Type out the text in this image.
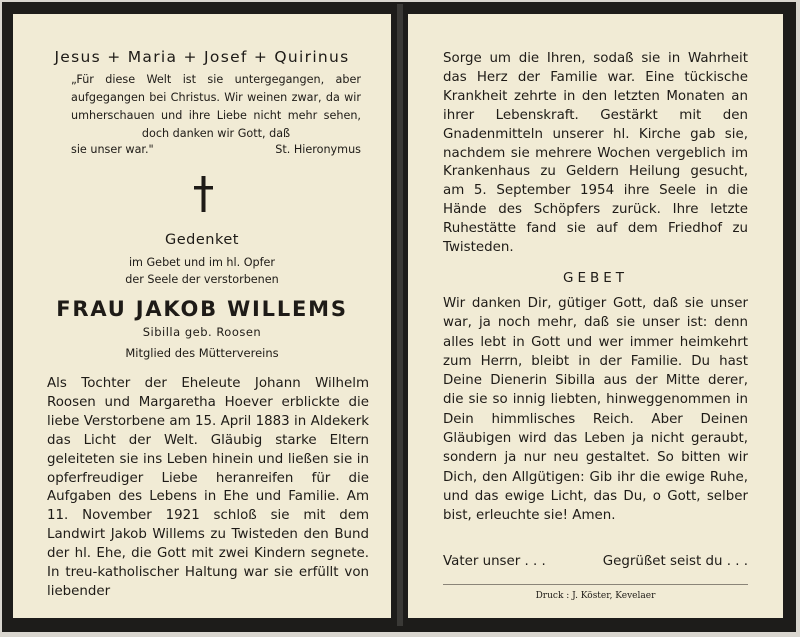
Jesus + Maria + Josef + Quirinus
„Für diese Welt ist sie untergegangen, aber aufgegangen bei Christus. Wir weinen zwar, da wir umherschauen und ihre Liebe nicht mehr sehen, doch danken wir Gott, daß
sie unser war."	St. Hieronymus
Gedenket
im Gebet und im hl. Opfer
der Seele der verstorbenen
FRAU JAKOB WILLEMS
Sibilla geb. Roosen
Mitglied des Müttervereins
Als Tochter der Eheleute Johann Wilhelm Roosen und Margaretha Hoever erblickte die liebe Verstorbene am 15. April 1883 in Aldekerk das Licht der Welt. Gläubig starke Eltern geleiteten sie ins Leben hinein und ließen sie in opferfreudiger Liebe heranreifen für die Aufgaben des Lebens in Ehe und Familie. Am 11. November 1921 schloß sie mit dem Landwirt Jakob Willems zu Twisteden den Bund der hl. Ehe, die Gott mit zwei Kindern segnete. In treu-katholischer Haltung war sie erfüllt von liebender
Sorge um die Ihren, sodaß sie in Wahrheit das Herz der Familie war. Eine tückische Krankheit zehrte in den letzten Monaten an ihrer Lebenskraft. Gestärkt mit den Gnadenmitteln unserer hl. Kirche gab sie, nachdem sie mehrere Wochen vergeblich im Krankenhaus zu Geldern Heilung gesucht, am 5. September 1954 ihre Seele in die Hände des Schöpfers zurück. Ihre letzte Ruhestätte fand sie auf dem Friedhof zu Twisteden.
GEBET
Wir danken Dir, gütiger Gott, daß sie unser war, ja noch mehr, daß sie unser ist: denn alles lebt in Gott und wer immer heimkehrt zum Herrn, bleibt in der Familie. Du hast Deine Dienerin Sibilla aus der Mitte derer, die sie so innig liebten, hinweggenommen in Dein himmlisches Reich. Aber Deinen Gläubigen wird das Leben ja nicht geraubt, sondern ja nur neu gestaltet. So bitten wir Dich, den Allgütigen: Gib ihr die ewige Ruhe, und das ewige Licht, das Du, o Gott, selber bist, erleuchte sie! Amen.
Vater unser . . .	Gegrüßet seist du . . .
Druck : J. Köster, Kevelaer
